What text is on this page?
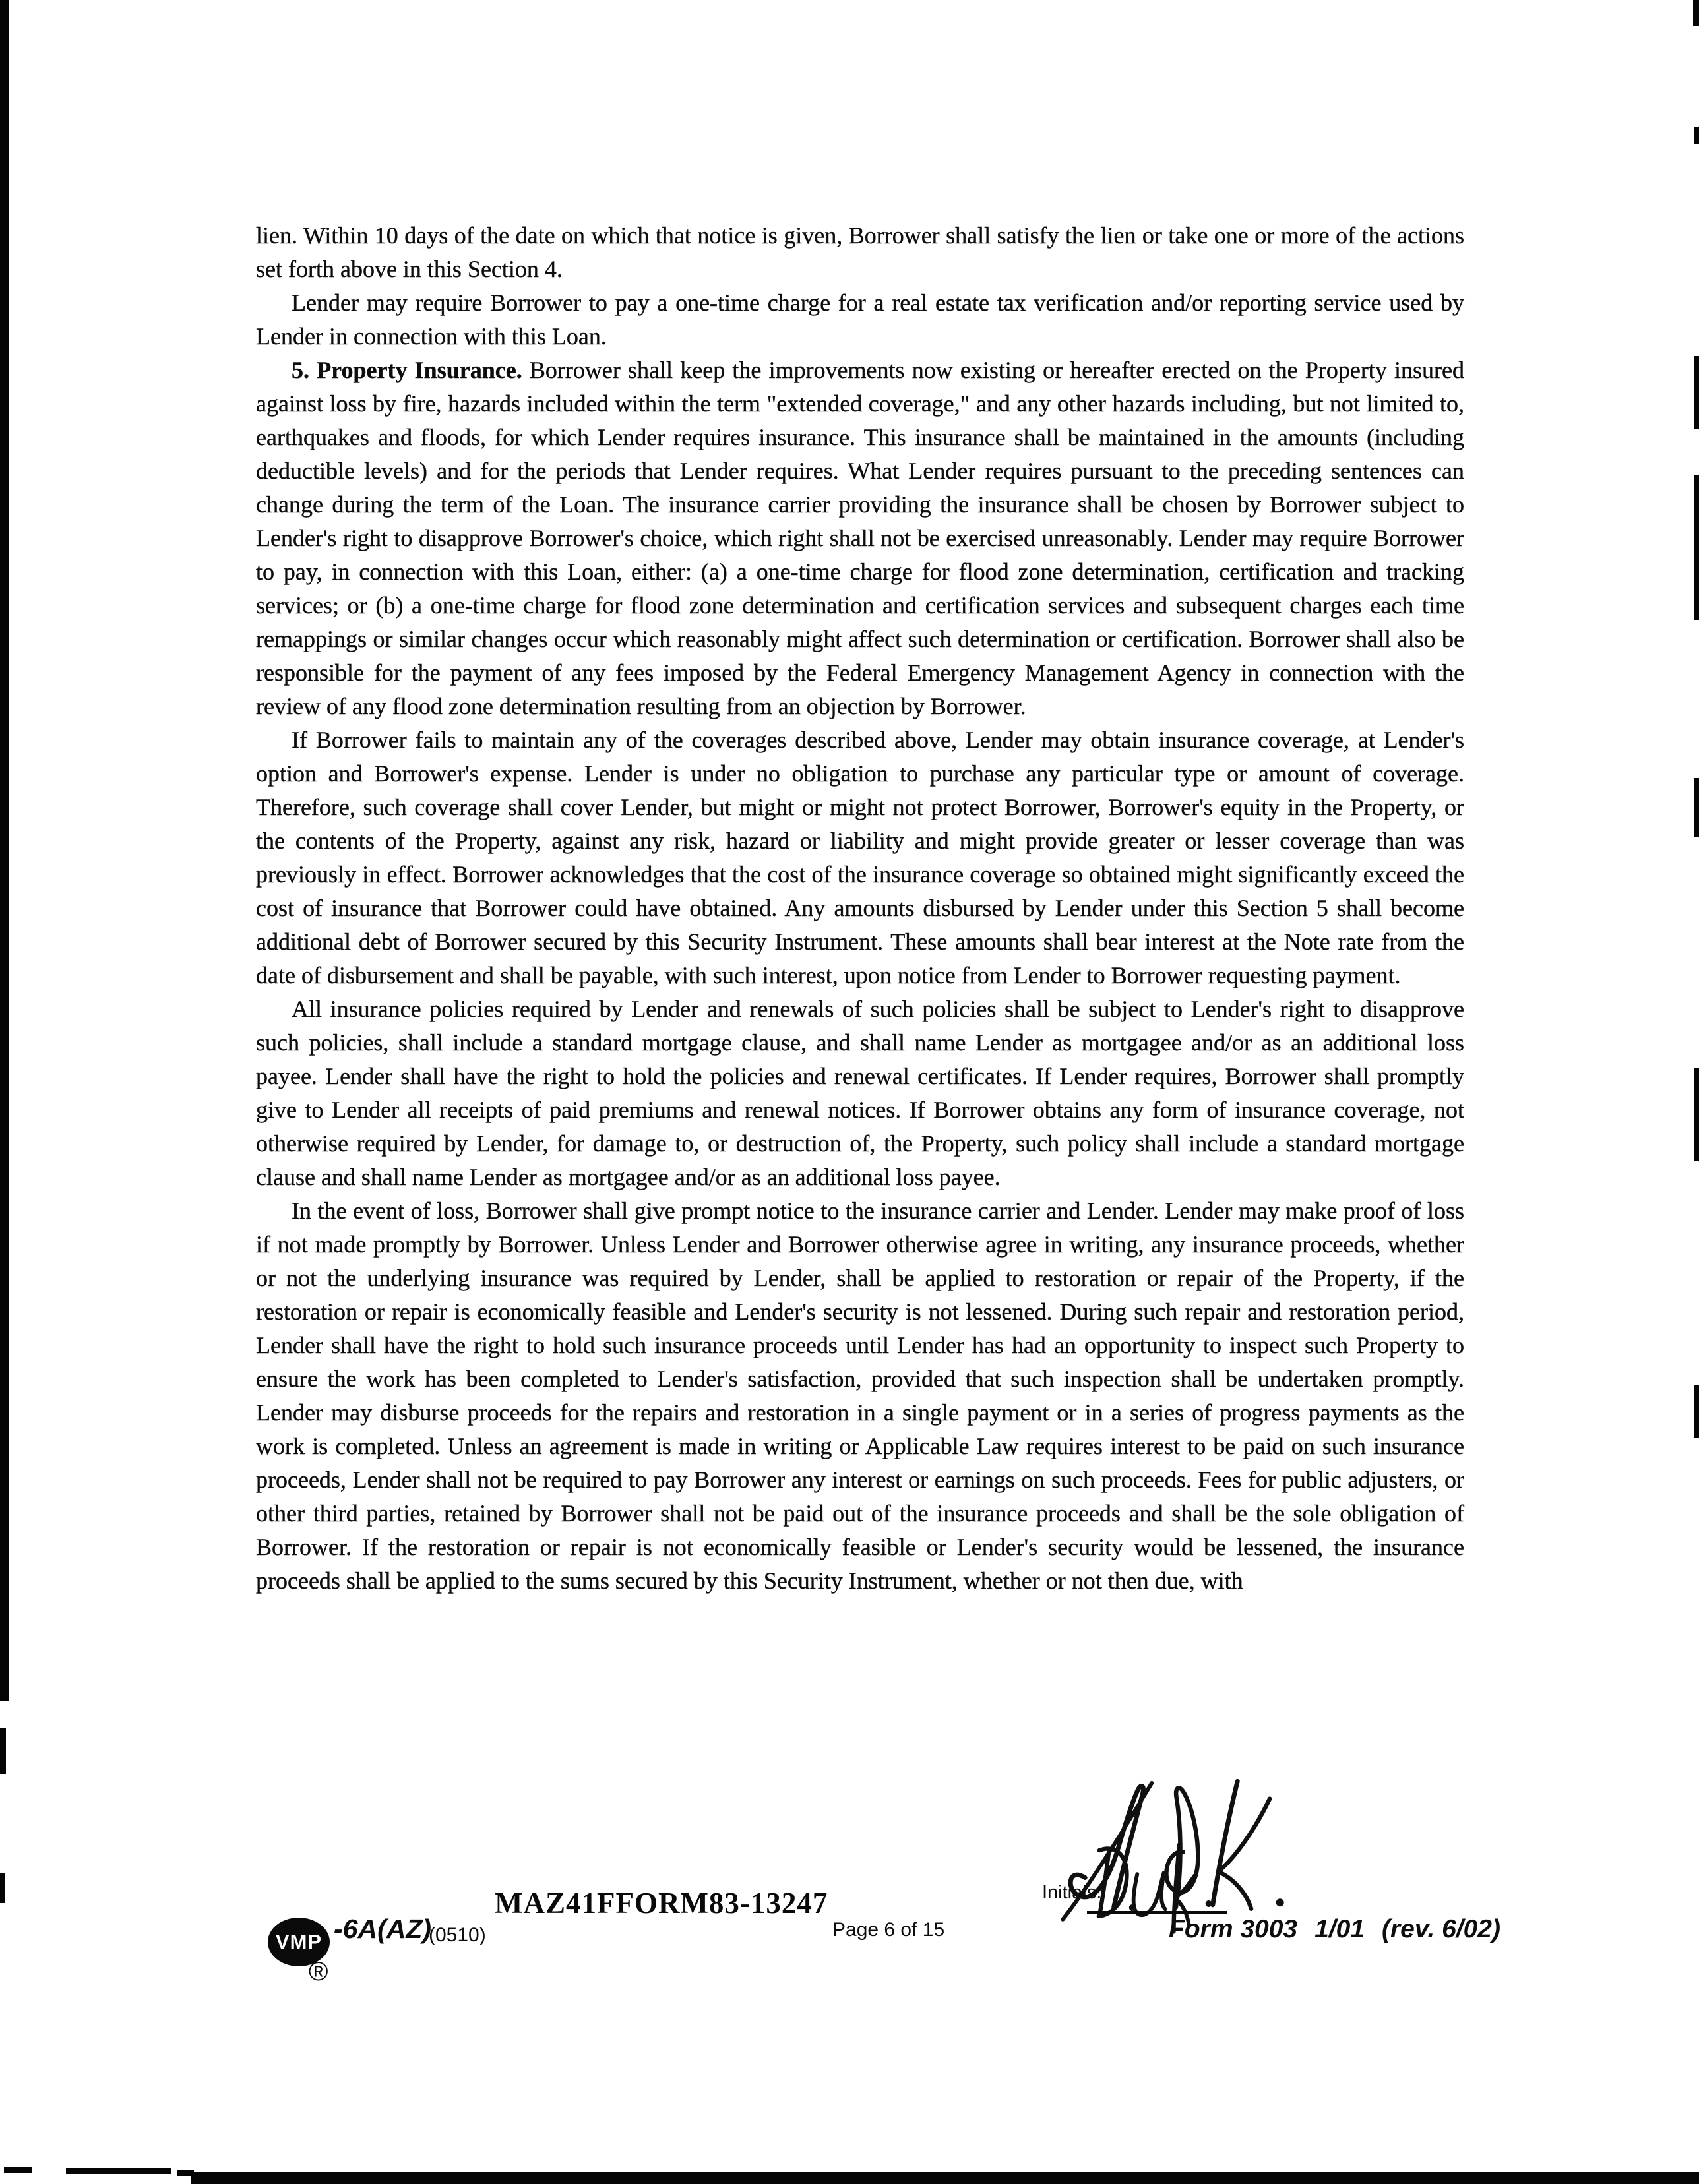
lien. Within 10 days of the date on which that notice is given, Borrower shall satisfy the lien or take one or more of the actions set forth above in this Section 4.

Lender may require Borrower to pay a one-time charge for a real estate tax verification and/or reporting service used by Lender in connection with this Loan.

5. Property Insurance. Borrower shall keep the improvements now existing or hereafter erected on the Property insured against loss by fire, hazards included within the term "extended coverage," and any other hazards including, but not limited to, earthquakes and floods, for which Lender requires insurance. This insurance shall be maintained in the amounts (including deductible levels) and for the periods that Lender requires. What Lender requires pursuant to the preceding sentences can change during the term of the Loan. The insurance carrier providing the insurance shall be chosen by Borrower subject to Lender's right to disapprove Borrower's choice, which right shall not be exercised unreasonably. Lender may require Borrower to pay, in connection with this Loan, either: (a) a one-time charge for flood zone determination, certification and tracking services; or (b) a one-time charge for flood zone determination and certification services and subsequent charges each time remappings or similar changes occur which reasonably might affect such determination or certification. Borrower shall also be responsible for the payment of any fees imposed by the Federal Emergency Management Agency in connection with the review of any flood zone determination resulting from an objection by Borrower.

If Borrower fails to maintain any of the coverages described above, Lender may obtain insurance coverage, at Lender's option and Borrower's expense. Lender is under no obligation to purchase any particular type or amount of coverage. Therefore, such coverage shall cover Lender, but might or might not protect Borrower, Borrower's equity in the Property, or the contents of the Property, against any risk, hazard or liability and might provide greater or lesser coverage than was previously in effect. Borrower acknowledges that the cost of the insurance coverage so obtained might significantly exceed the cost of insurance that Borrower could have obtained. Any amounts disbursed by Lender under this Section 5 shall become additional debt of Borrower secured by this Security Instrument. These amounts shall bear interest at the Note rate from the date of disbursement and shall be payable, with such interest, upon notice from Lender to Borrower requesting payment.

All insurance policies required by Lender and renewals of such policies shall be subject to Lender's right to disapprove such policies, shall include a standard mortgage clause, and shall name Lender as mortgagee and/or as an additional loss payee. Lender shall have the right to hold the policies and renewal certificates. If Lender requires, Borrower shall promptly give to Lender all receipts of paid premiums and renewal notices. If Borrower obtains any form of insurance coverage, not otherwise required by Lender, for damage to, or destruction of, the Property, such policy shall include a standard mortgage clause and shall name Lender as mortgagee and/or as an additional loss payee.

In the event of loss, Borrower shall give prompt notice to the insurance carrier and Lender. Lender may make proof of loss if not made promptly by Borrower. Unless Lender and Borrower otherwise agree in writing, any insurance proceeds, whether or not the underlying insurance was required by Lender, shall be applied to restoration or repair of the Property, if the restoration or repair is economically feasible and Lender's security is not lessened. During such repair and restoration period, Lender shall have the right to hold such insurance proceeds until Lender has had an opportunity to inspect such Property to ensure the work has been completed to Lender's satisfaction, provided that such inspection shall be undertaken promptly. Lender may disburse proceeds for the repairs and restoration in a single payment or in a series of progress payments as the work is completed. Unless an agreement is made in writing or Applicable Law requires interest to be paid on such insurance proceeds, Lender shall not be required to pay Borrower any interest or earnings on such proceeds. Fees for public adjusters, or other third parties, retained by Borrower shall not be paid out of the insurance proceeds and shall be the sole obligation of Borrower. If the restoration or repair is not economically feasible or Lender's security would be lessened, the insurance proceeds shall be applied to the sums secured by this Security Instrument, whether or not then due, with

Initials:
MAZ41FFORM83-13247
VMP
®
-6A(AZ)
(0510)	Page 6 of 15	Form 3003 1/01 (rev. 6/02)
